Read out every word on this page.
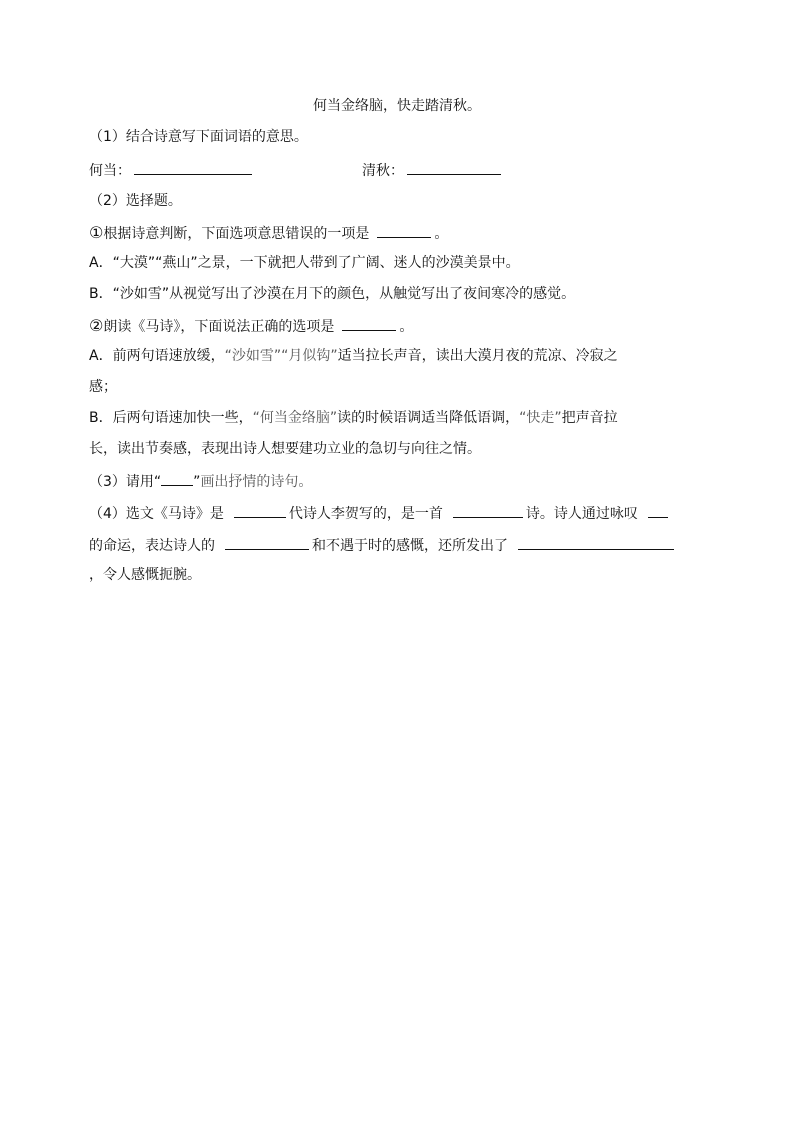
何当金络脑，快走踏清秋。
（1）结合诗意写下面词语的意思。
何当：	清秋：
（2）选择题。
①根据诗意判断，下面选项意思错误的一项是	。
A．“大漠”“燕山”之景，一下就把人带到了广阔、迷人的沙漠美景中。
B．“沙如雪”从视觉写出了沙漠在月下的颜色，从触觉写出了夜间寒冷的感觉。
②朗读《马诗》，下面说法正确的选项是	。
A．前两句语速放缓，“沙如雪”“月似钩”适当拉长声音，读出大漠月夜的荒凉、冷寂之
感；
B．后两句语速加快一些，“何当金络脑”读的时候语调适当降低语调，“快走”把声音拉
长，读出节奏感，表现出诗人想要建功立业的急切与向往之情。
（3）请用“ ”画出抒情的诗句。
（4）选文《马诗》是	代诗人李贺写的，是一首	诗。诗人通过咏叹
的命运，表达诗人的	和不遇于时的感慨，还所发出了
，令人感慨扼腕。
